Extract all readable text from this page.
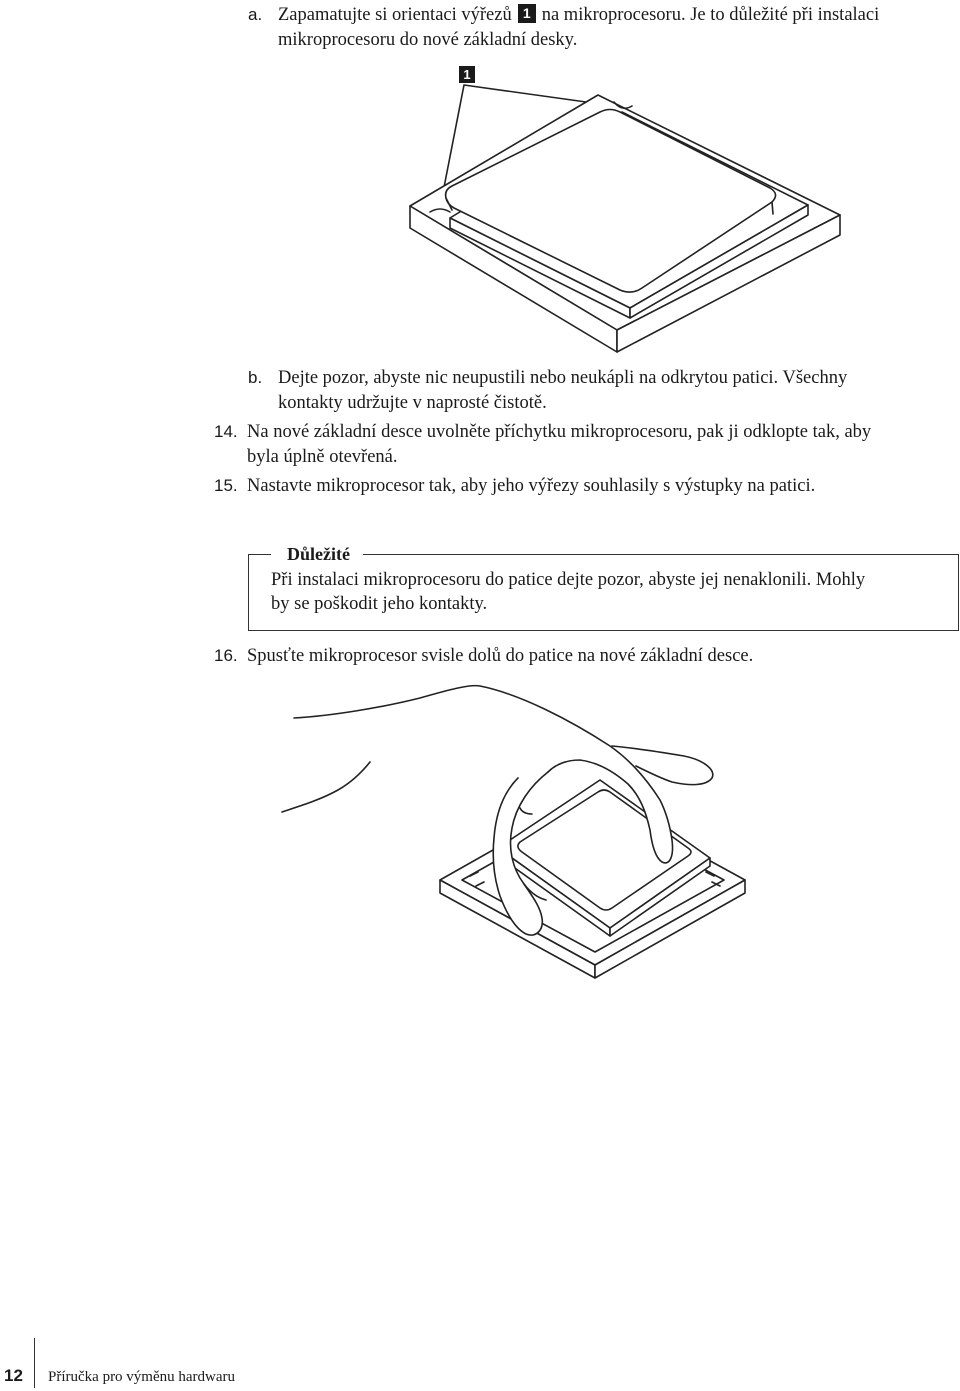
a. Zapamatujte si orientaci výřezů 1 na mikroprocesoru. Je to důležité při instalaci
mikroprocesoru do nové základní desky.
1
b. Dejte pozor, abyste nic neupustili nebo neukápli na odkrytou patici. Všechny
kontakty udržujte v naprosté čistotě.
14. Na nové základní desce uvolněte příchytku mikroprocesoru, pak ji odklopte tak, aby
byla úplně otevřená.
15. Nastavte mikroprocesor tak, aby jeho výřezy souhlasily s výstupky na patici.
Důležité
Při instalaci mikroprocesoru do patice dejte pozor, abyste jej nenaklonili. Mohly
by se poškodit jeho kontakty.
16. Spusťte mikroprocesor svisle dolů do patice na nové základní desce.
12 Příručka pro výměnu hardwaru
